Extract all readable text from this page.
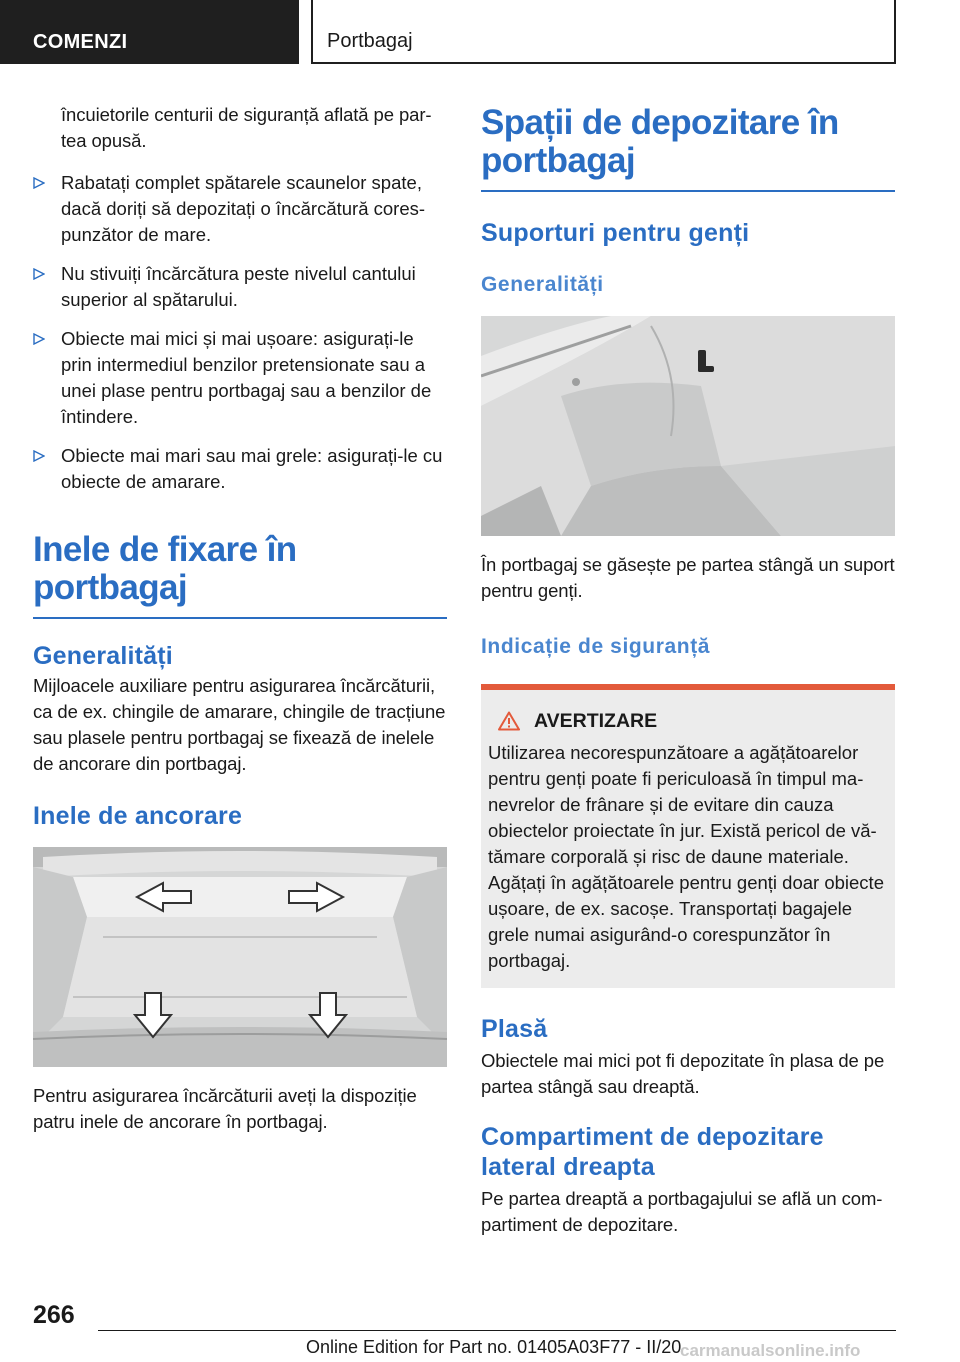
COMENZI	Portbagaj
încuietorile centurii de siguranță aflată pe partea opusă.
Rabatați complet spătarele scaunelor spate, dacă doriți să depozitați o încărcătură corespunzător de mare.
Nu stivuiți încărcătura peste nivelul cantului superior al spătarului.
Obiecte mai mici și mai ușoare: asigurați-le prin intermediul benzilor pretensionate sau a unei plase pentru portbagaj sau a benzilor de întindere.
Obiecte mai mari sau mai grele: asigurați-le cu obiecte de amarare.
Inele de fixare în portbagaj
Generalități
Mijloacele auxiliare pentru asigurarea încărcăturii, ca de ex. chingile de amarare, chingile de tracțiune sau plasele pentru portbagaj se fixează de inelele de ancorare din portbagaj.
Inele de ancorare
Pentru asigurarea încărcăturii aveți la dispoziție patru inele de ancorare în portbagaj.
Spații de depozitare în portbagaj
Suporturi pentru genți
Generalități
În portbagaj se găsește pe partea stângă un suport pentru genți.
Indicație de siguranță
AVERTIZARE
Utilizarea necorespunzătoare a agățătoarelor pentru genți poate fi periculoasă în timpul manevrelor de frânare și de evitare din cauza obiectelor proiectate în jur. Există pericol de vătămare corporală și risc de daune materiale. Agățați în agățătoarele pentru genți doar obiecte ușoare, de ex. sacoșe. Transportați bagajele grele numai asigurând-o corespunzător în portbagaj.
Plasă
Obiectele mai mici pot fi depozitate în plasa de pe partea stângă sau dreaptă.
Compartiment de depozitare lateral dreapta
Pe partea dreaptă a portbagajului se află un compartiment de depozitare.
266
Online Edition for Part no. 01405A03F77 - II/20
carmanualsonline.info
